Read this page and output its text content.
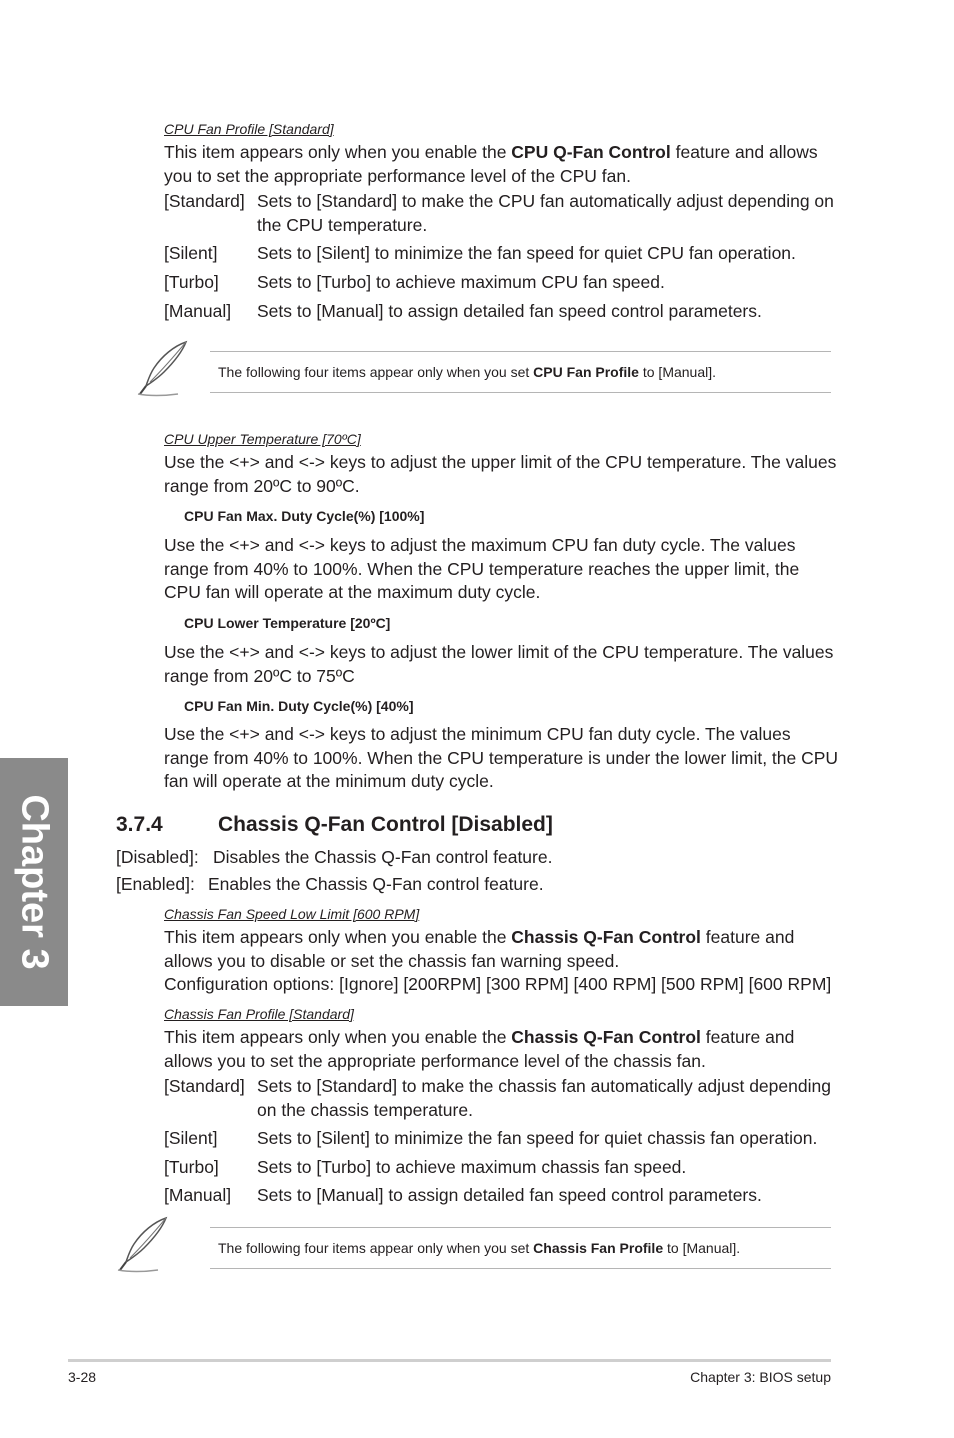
CPU Fan Profile [Standard]
This item appears only when you enable the CPU Q-Fan Control feature and allows
you to set the appropriate performance level of the CPU fan.
[Standard] Sets to [Standard] to make the CPU fan automatically adjust depending on
the CPU temperature.
[Silent] Sets to [Silent] to minimize the fan speed for quiet CPU fan operation.
[Turbo] Sets to [Turbo] to achieve maximum CPU fan speed.
[Manual] Sets to [Manual] to assign detailed fan speed control parameters.
The following four items appear only when you set CPU Fan Profile to [Manual].
CPU Upper Temperature [70ºC]
Use the <+> and <-> keys to adjust the upper limit of the CPU temperature. The values
range from 20ºC to 90ºC.
CPU Fan Max. Duty Cycle(%) [100%]
Use the <+> and <-> keys to adjust the maximum CPU fan duty cycle. The values
range from 40% to 100%. When the CPU temperature reaches the upper limit, the
CPU fan will operate at the maximum duty cycle.
CPU Lower Temperature [20ºC]
Use the <+> and <-> keys to adjust the lower limit of the CPU temperature. The values
range from 20ºC to 75ºC
CPU Fan Min. Duty Cycle(%) [40%]
Use the <+> and <-> keys to adjust the minimum CPU fan duty cycle. The values
range from 40% to 100%. When the CPU temperature is under the lower limit, the CPU
fan will operate at the minimum duty cycle.
3.7.4	Chassis Q-Fan Control [Disabled]
[Disabled]: Disables the Chassis Q-Fan control feature.
[Enabled]: Enables the Chassis Q-Fan control feature.
Chassis Fan Speed Low Limit [600 RPM]
This item appears only when you enable the Chassis Q-Fan Control feature and
allows you to disable or set the chassis fan warning speed.
Configuration options: [Ignore] [200RPM] [300 RPM] [400 RPM] [500 RPM] [600 RPM]
Chassis Fan Profile [Standard]
This item appears only when you enable the Chassis Q-Fan Control feature and
allows you to set the appropriate performance level of the chassis fan.
[Standard] Sets to [Standard] to make the chassis fan automatically adjust depending
on the chassis temperature.
[Silent] Sets to [Silent] to minimize the fan speed for quiet chassis fan operation.
[Turbo] Sets to [Turbo] to achieve maximum chassis fan speed.
[Manual] Sets to [Manual] to assign detailed fan speed control parameters.
The following four items appear only when you set Chassis Fan Profile to [Manual].
Chapter 3
3-28	Chapter 3: BIOS setup
